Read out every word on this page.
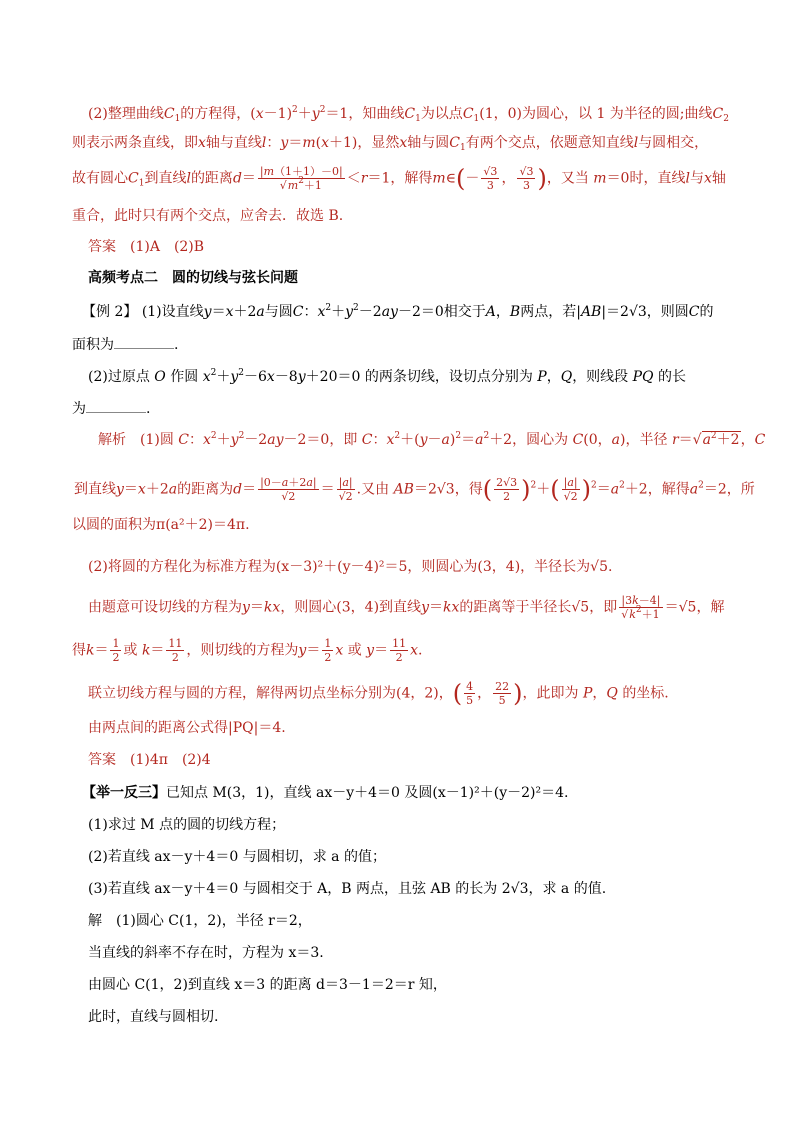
(2)整理曲线$C_1$的方程得，$(x-1)^2+y^2=1$，知曲线$C_1$为以点$C_1(1$，0)为圆心，以 1 为半径的圆;曲线$C_2$
则表示两条直线，即x轴与直线l：y＝m(x＋1)，显然x轴与圆$C_1$有两个交点，依题意知直线l与圆相交，
故有圆心$C_1$到直线l的距离$d= \frac{|m(1+1)-0|}{√m^2+1} <r=1$，解得m∈(－ $\frac{√3}{3}$ ， $\frac{√3}{3}$ )，又当 m＝0时，直线l与x轴
重合，此时只有两个交点，应舍去．故选 B.
答案　(1)A　(2)B
高频考点二　圆的切线与弦长问题
【例 2】 (1)设直线y＝x＋2a与圆C：$x^2+y^2-2ay-2=0$相交于A，B两点，若|AB|＝2√3，则圆C的
面积为	.
(2)过原点 O 作圆 $x^2+y^2-6x-8y+20=0$ 的两条切线，设切点分别为 P，Q，则线段 PQ 的长
为	.
解析　 (1)圆 C：$x^2+y^2-2ay-2=0$，即 C：$x^2+(y-a)^2=a^2+2$，圆心为 C(0，a)，半径 $r=√a^2+2$，C
到直线y＝x＋2a的距离为$d= \frac{|0-a+2a|}{√2} = \frac{|a|}{√2}$ .又由 AB＝2√3，得( $\frac{2√3}{2} )^2+( \frac{|a|}{√2} )^2=a^2+2$，解得$a^2=2$，所
以圆的面积为π(a²＋2)＝4π.
(2)将圆的方程化为标准方程为(x－3)²＋(y－4)²＝5，则圆心为(3，4)，半径长为√5.
由题意可设切线的方程为y＝kx，则圆心(3，4)到直线y＝kx的距离等于半径长√5，即 $\frac{|3k-4|}{√k^2+1} =√5$，解
得$k= \frac{1}{2}$ 或 $k= \frac{11}{2}$ ，则切线的方程为$y= \frac{1}{2}$ x 或 $y= \frac{11}{2} x$.
联立切线方程与圆的方程，解得两切点坐标分别为(4，2)，( $\frac{4}{5}$ ， $\frac{22}{5}$ )，此即为 P，Q 的坐标.
由两点间的距离公式得|PQ|＝4.
答案　(1)4π　(2)4
【举一反三】已知点 M(3，1)，直线 ax－y＋4＝0 及圆(x－1)²＋(y－2)²＝4.
(1)求过 M 点的圆的切线方程；
(2)若直线 ax－y＋4＝0 与圆相切，求 a 的值；
(3)若直线 ax－y＋4＝0 与圆相交于 A，B 两点，且弦 AB 的长为 2√3，求 a 的值.
解　(1)圆心 C(1，2)，半径 r＝2，
当直线的斜率不存在时，方程为 x＝3.
由圆心 C(1，2)到直线 x＝3 的距离 d＝3－1＝2＝r 知，
此时，直线与圆相切.
